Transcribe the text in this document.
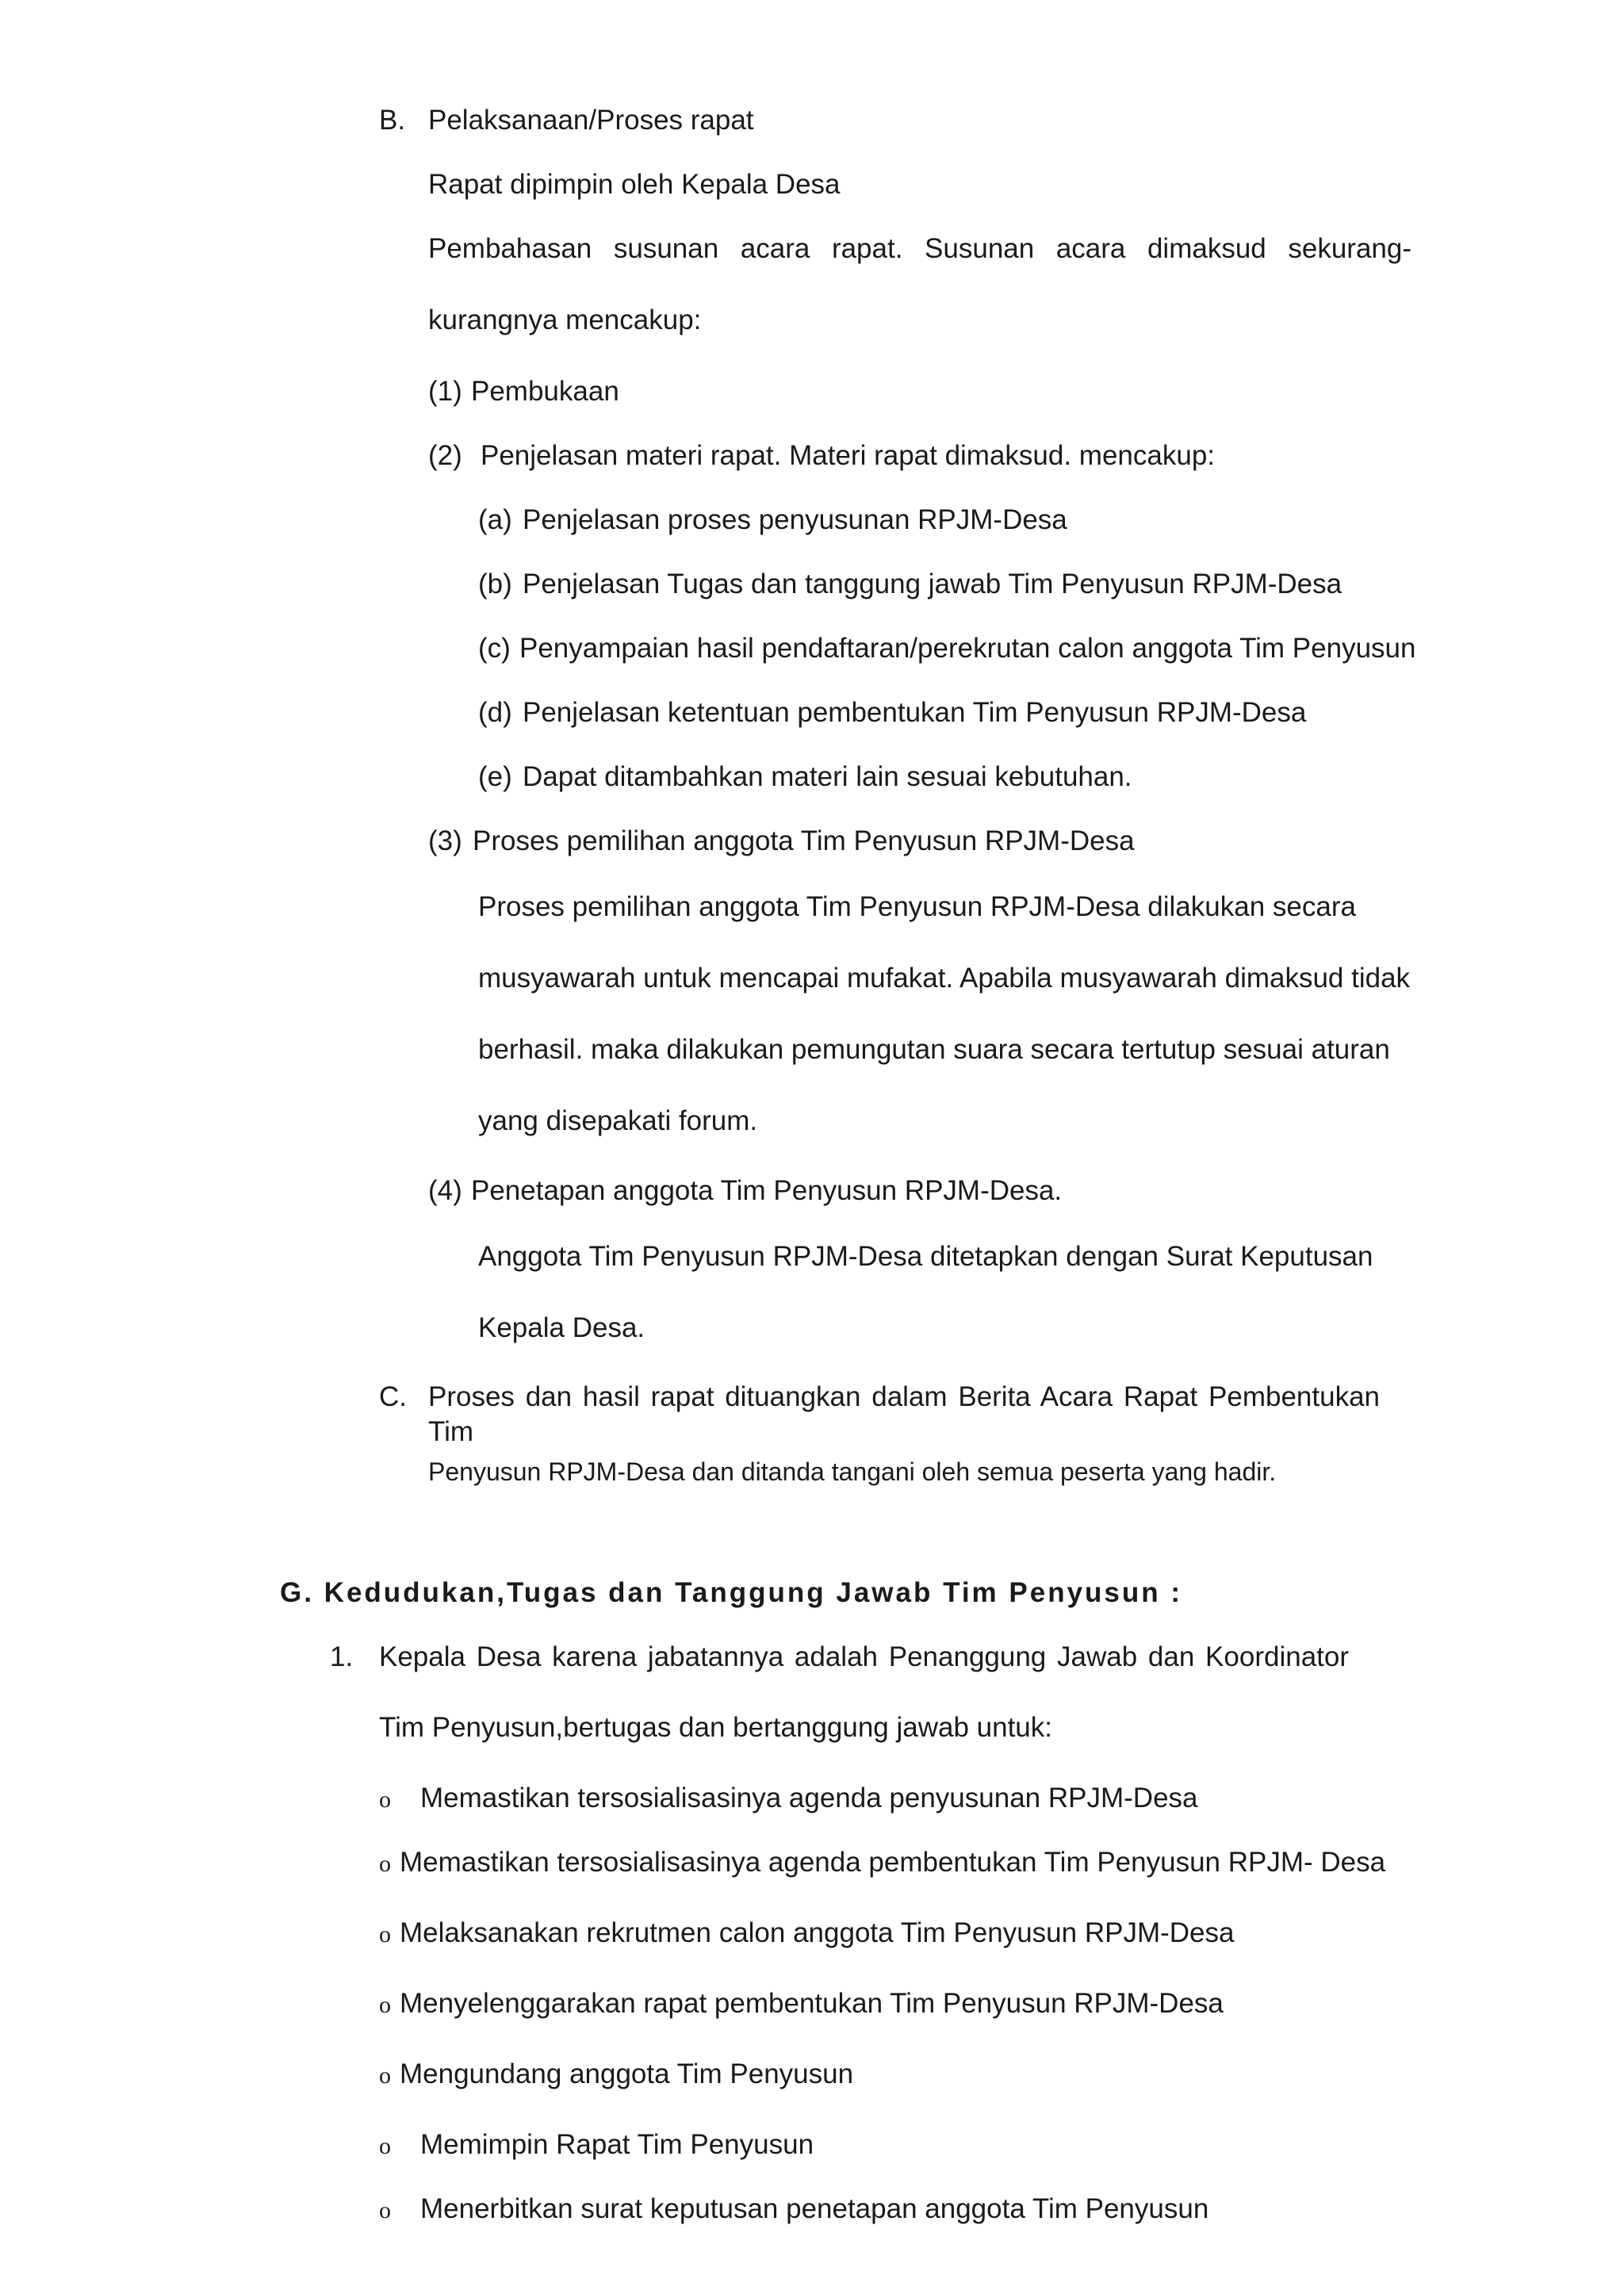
B. Pelaksanaan/Proses rapat
Rapat dipimpin oleh Kepala Desa
Pembahasan susunan acara rapat. Susunan acara dimaksud sekurang-
kurangnya mencakup:
(1) Pembukaan
(2) Penjelasan materi rapat. Materi rapat dimaksud. mencakup:
(a) Penjelasan proses penyusunan RPJM-Desa
(b) Penjelasan Tugas dan tanggung jawab Tim Penyusun RPJM-Desa
(c) Penyampaian hasil pendaftaran/perekrutan calon anggota Tim Penyusun
(d) Penjelasan ketentuan pembentukan Tim Penyusun RPJM-Desa
(e) Dapat ditambahkan materi lain sesuai kebutuhan.
(3) Proses pemilihan anggota Tim Penyusun RPJM-Desa
Proses pemilihan anggota Tim Penyusun RPJM-Desa dilakukan secara
musyawarah untuk mencapai mufakat. Apabila musyawarah dimaksud tidak
berhasil. maka dilakukan pemungutan suara secara tertutup sesuai aturan
yang disepakati forum.
(4) Penetapan anggota Tim Penyusun RPJM-Desa.
Anggota Tim Penyusun RPJM-Desa ditetapkan dengan Surat Keputusan
Kepala Desa.
C. Proses dan hasil rapat dituangkan dalam Berita Acara Rapat Pembentukan Tim
Penyusun RPJM-Desa dan ditanda tangani oleh semua peserta yang hadir.
G. Kedudukan,Tugas dan Tanggung Jawab Tim Penyusun :
1. Kepala Desa karena jabatannya adalah Penanggung Jawab dan Koordinator
Tim Penyusun,bertugas dan bertanggung jawab untuk:
o Memastikan tersosialisasinya agenda penyusunan RPJM-Desa
o Memastikan tersosialisasinya agenda pembentukan Tim Penyusun RPJM- Desa
o Melaksanakan rekrutmen calon anggota Tim Penyusun RPJM-Desa
o Menyelenggarakan rapat pembentukan Tim Penyusun RPJM-Desa
o Mengundang anggota Tim Penyusun
o Memimpin Rapat Tim Penyusun
o Menerbitkan surat keputusan penetapan anggota Tim Penyusun
